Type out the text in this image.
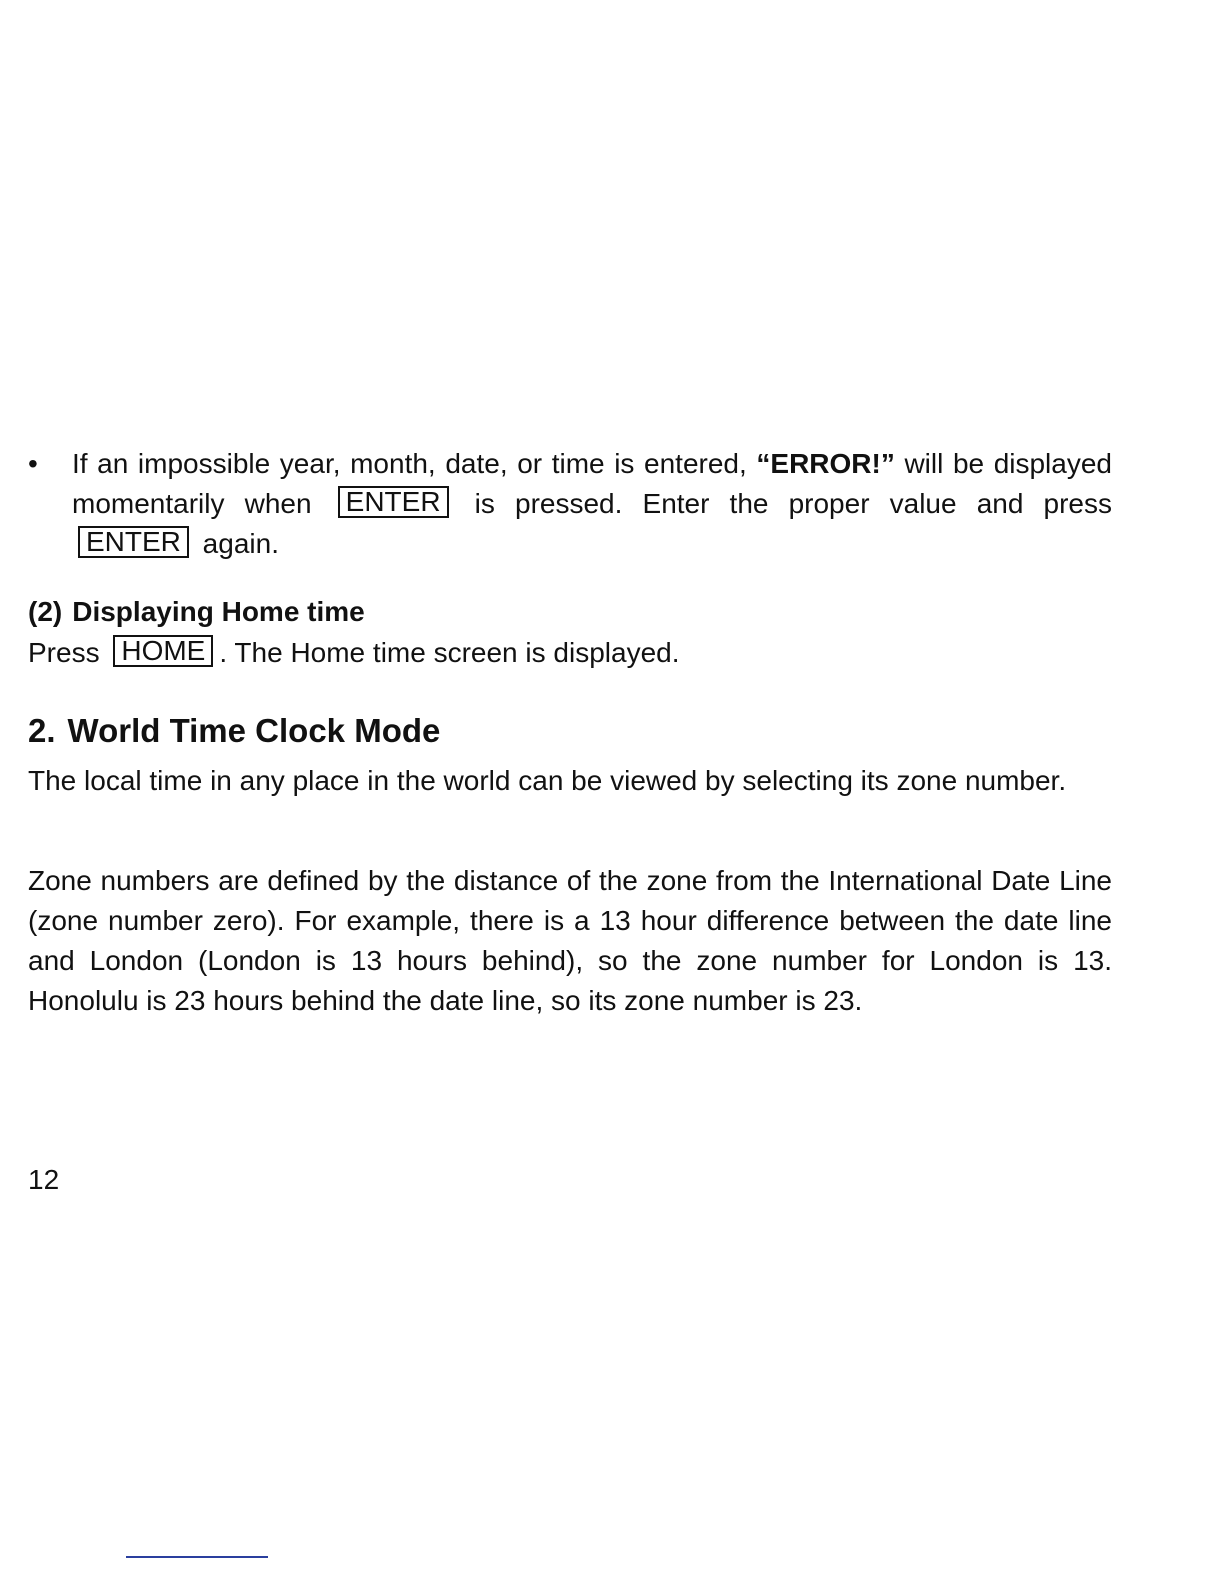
•	If an impossible year, month, date, or time is entered, “ERROR!” will be displayed momentarily when ENTER is pressed. Enter the proper value and press ENTER again.
(2) Displaying Home time
Press HOME . The Home time screen is displayed.
2. World Time Clock Mode
The local time in any place in the world can be viewed by selecting its zone number.
Zone numbers are defined by the distance of the zone from the International Date Line (zone number zero). For example, there is a 13 hour difference between the date line and London (London is 13 hours behind), so the zone number for London is 13. Honolulu is 23 hours behind the date line, so its zone number is 23.
12
